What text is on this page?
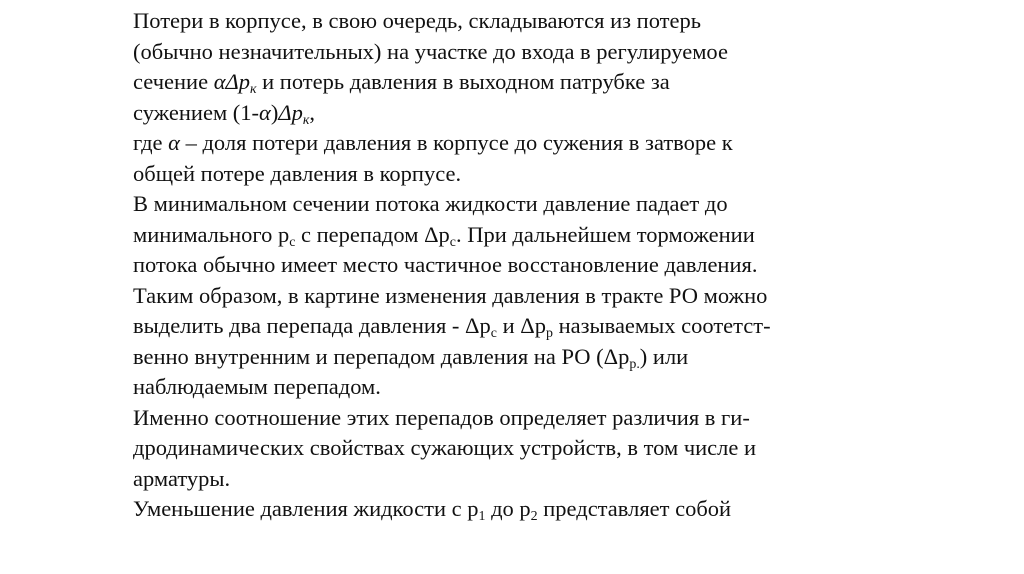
Потери в корпусе, в свою очередь, складываются из потерь
(обычно незначительных) на участке до входа в регулируемое
сечение αΔp$_к$ и потерь давления в выходном патрубке за
сужением $(1-\alpha)\Delta p_к$,
где α – доля потери давления в корпусе до сужения в затворе к
общей потере давления в корпусе.
В минимальном сечении потока жидкости давление падает до
минимального $p_c$ с перепадом $\Delta p_c$. При дальнейшем торможении
потока обычно имеет место частичное восстановление давления.
Таким образом, в картине изменения давления в тракте РО можно
выделить два перепада давления - $\Delta p_c$ и $\Delta p_p$ называемых соотетст-
венно внутренним и перепадом давления на РО $(\Delta p_{p.})$ или
наблюдаемым перепадом.
Именно соотношение этих перепадов определяет различия в ги-
дродинамических свойствах сужающих устройств, в том числе и
арматуры.
Уменьшение давления жидкости с $p_1$ до $p_2$ представляет собой
